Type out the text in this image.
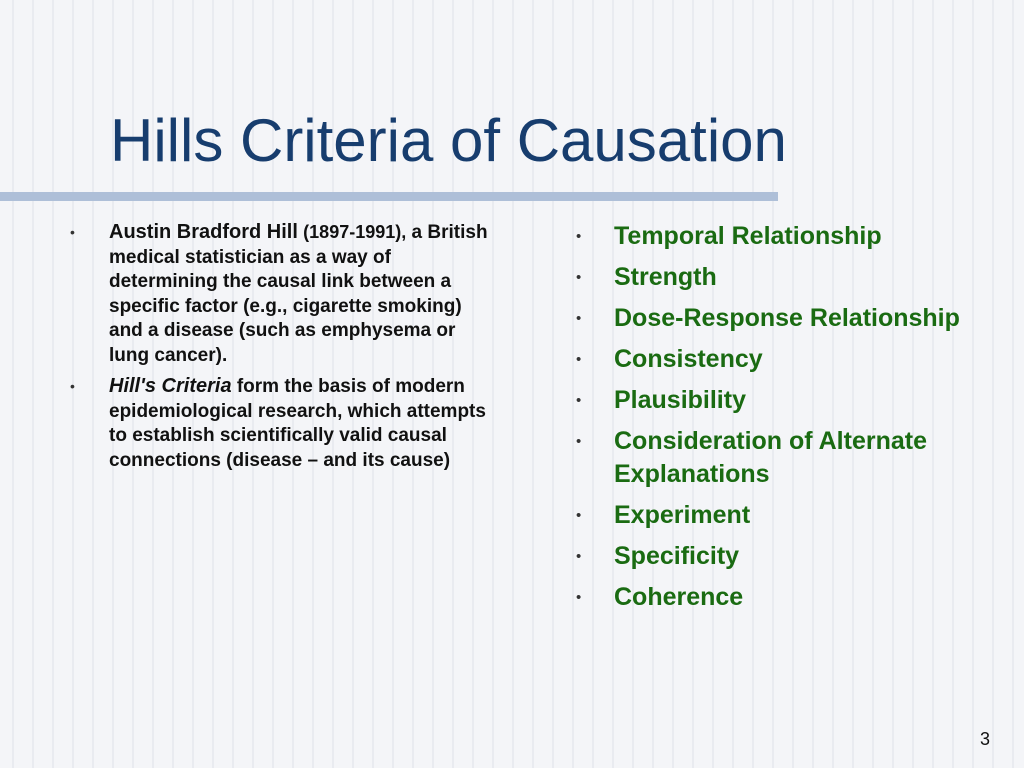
Hills Criteria of Causation
• Austin Bradford Hill (1897-1991), a British medical statistician as a way of determining the causal link between a specific factor (e.g., cigarette smoking) and a disease (such as emphysema or lung cancer).
• Hill's Criteria form the basis of modern epidemiological research, which attempts to establish scientifically valid causal connections (disease – and its cause)
• Temporal Relationship
• Strength
• Dose-Response Relationship
• Consistency
• Plausibility
• Consideration of Alternate Explanations
• Experiment
• Specificity
• Coherence
3
